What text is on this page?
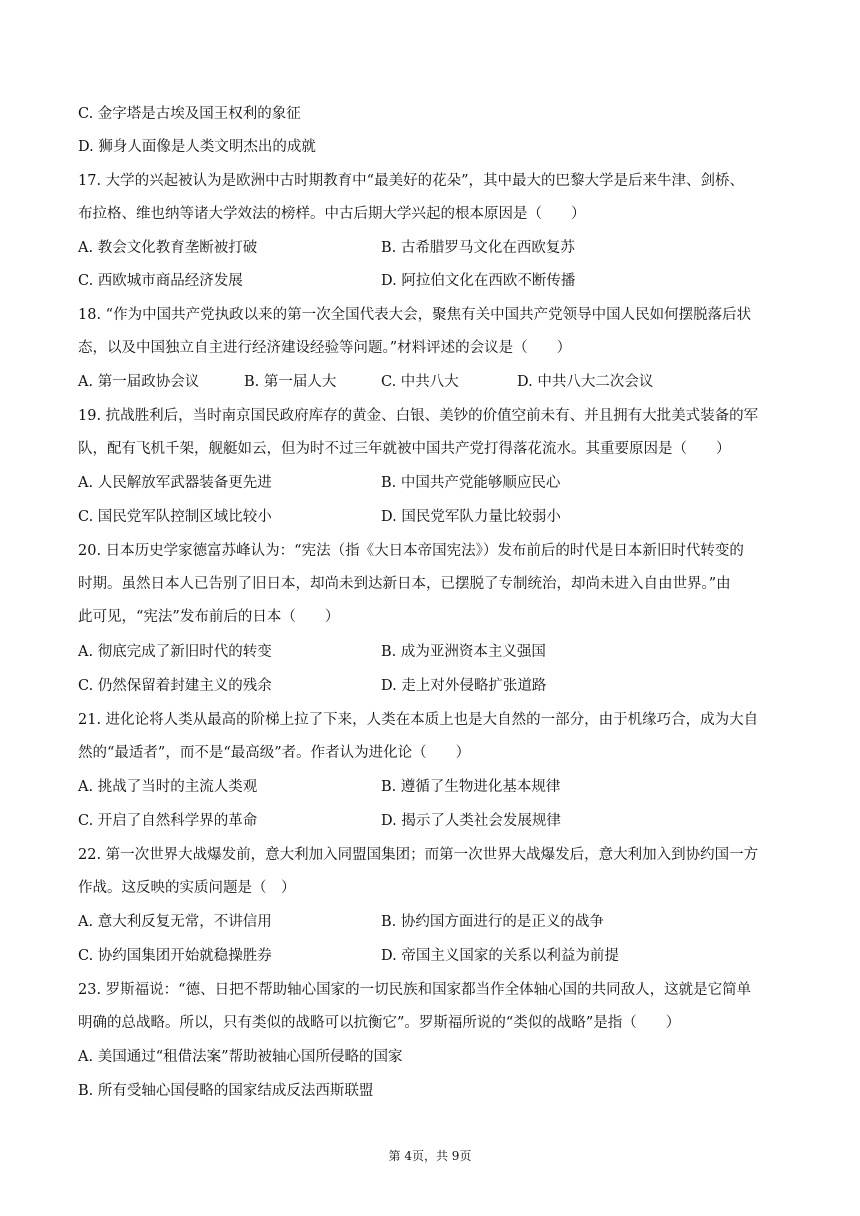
C. 金字塔是古埃及国王权利的象征
D. 狮身人面像是人类文明杰出的成就
17. 大学的兴起被认为是欧洲中古时期教育中“最美好的花朵”，其中最大的巴黎大学是后来牛津、剑桥、
布拉格、维也纳等诸大学效法的榜样。中古后期大学兴起的根本原因是（　　）
A. 教会文化教育垄断被打破	B. 古希腊罗马文化在西欧复苏
C. 西欧城市商品经济发展	D. 阿拉伯文化在西欧不断传播
18. “作为中国共产党执政以来的第一次全国代表大会，聚焦有关中国共产党领导中国人民如何摆脱落后状
态，以及中国独立自主进行经济建设经验等问题。”材料评述的会议是（　　）
A. 第一届政协会议	B. 第一届人大	C. 中共八大	D. 中共八大二次会议
19. 抗战胜利后，当时南京国民政府库存的黄金、白银、美钞的价值空前未有、并且拥有大批美式装备的军
队，配有飞机千架，舰艇如云，但为时不过三年就被中国共产党打得落花流水。其重要原因是（　　）
A. 人民解放军武器装备更先进	B. 中国共产党能够顺应民心
C. 国民党军队控制区域比较小	D. 国民党军队力量比较弱小
20. 日本历史学家德富苏峰认为：“宪法（指《大日本帝国宪法》）发布前后的时代是日本新旧时代转变的
时期。虽然日本人已告别了旧日本，却尚未到达新日本，已摆脱了专制统治，却尚未进入自由世界。”由
此可见，“宪法”发布前后的日本（　　）
A. 彻底完成了新旧时代的转变	B. 成为亚洲资本主义强国
C. 仍然保留着封建主义的残余	D. 走上对外侵略扩张道路
21. 进化论将人类从最高的阶梯上拉了下来，人类在本质上也是大自然的一部分，由于机缘巧合，成为大自
然的“最适者”，而不是“最高级”者。作者认为进化论（　　）
A. 挑战了当时的主流人类观	B. 遵循了生物进化基本规律
C. 开启了自然科学界的革命	D. 揭示了人类社会发展规律
22. 第一次世界大战爆发前，意大利加入同盟国集团；而第一次世界大战爆发后，意大利加入到协约国一方
作战。这反映的实质问题是（　）
A. 意大利反复无常，不讲信用	B. 协约国方面进行的是正义的战争
C. 协约国集团开始就稳操胜券	D. 帝国主义国家的关系以利益为前提
23. 罗斯福说：“德、日把不帮助轴心国家的一切民族和国家都当作全体轴心国的共同敌人，这就是它简单
明确的总战略。所以，只有类似的战略可以抗衡它”。罗斯福所说的“类似的战略”是指（　　）
A. 美国通过“租借法案”帮助被轴心国所侵略的国家
B. 所有受轴心国侵略的国家结成反法西斯联盟
第 4页，共 9页
